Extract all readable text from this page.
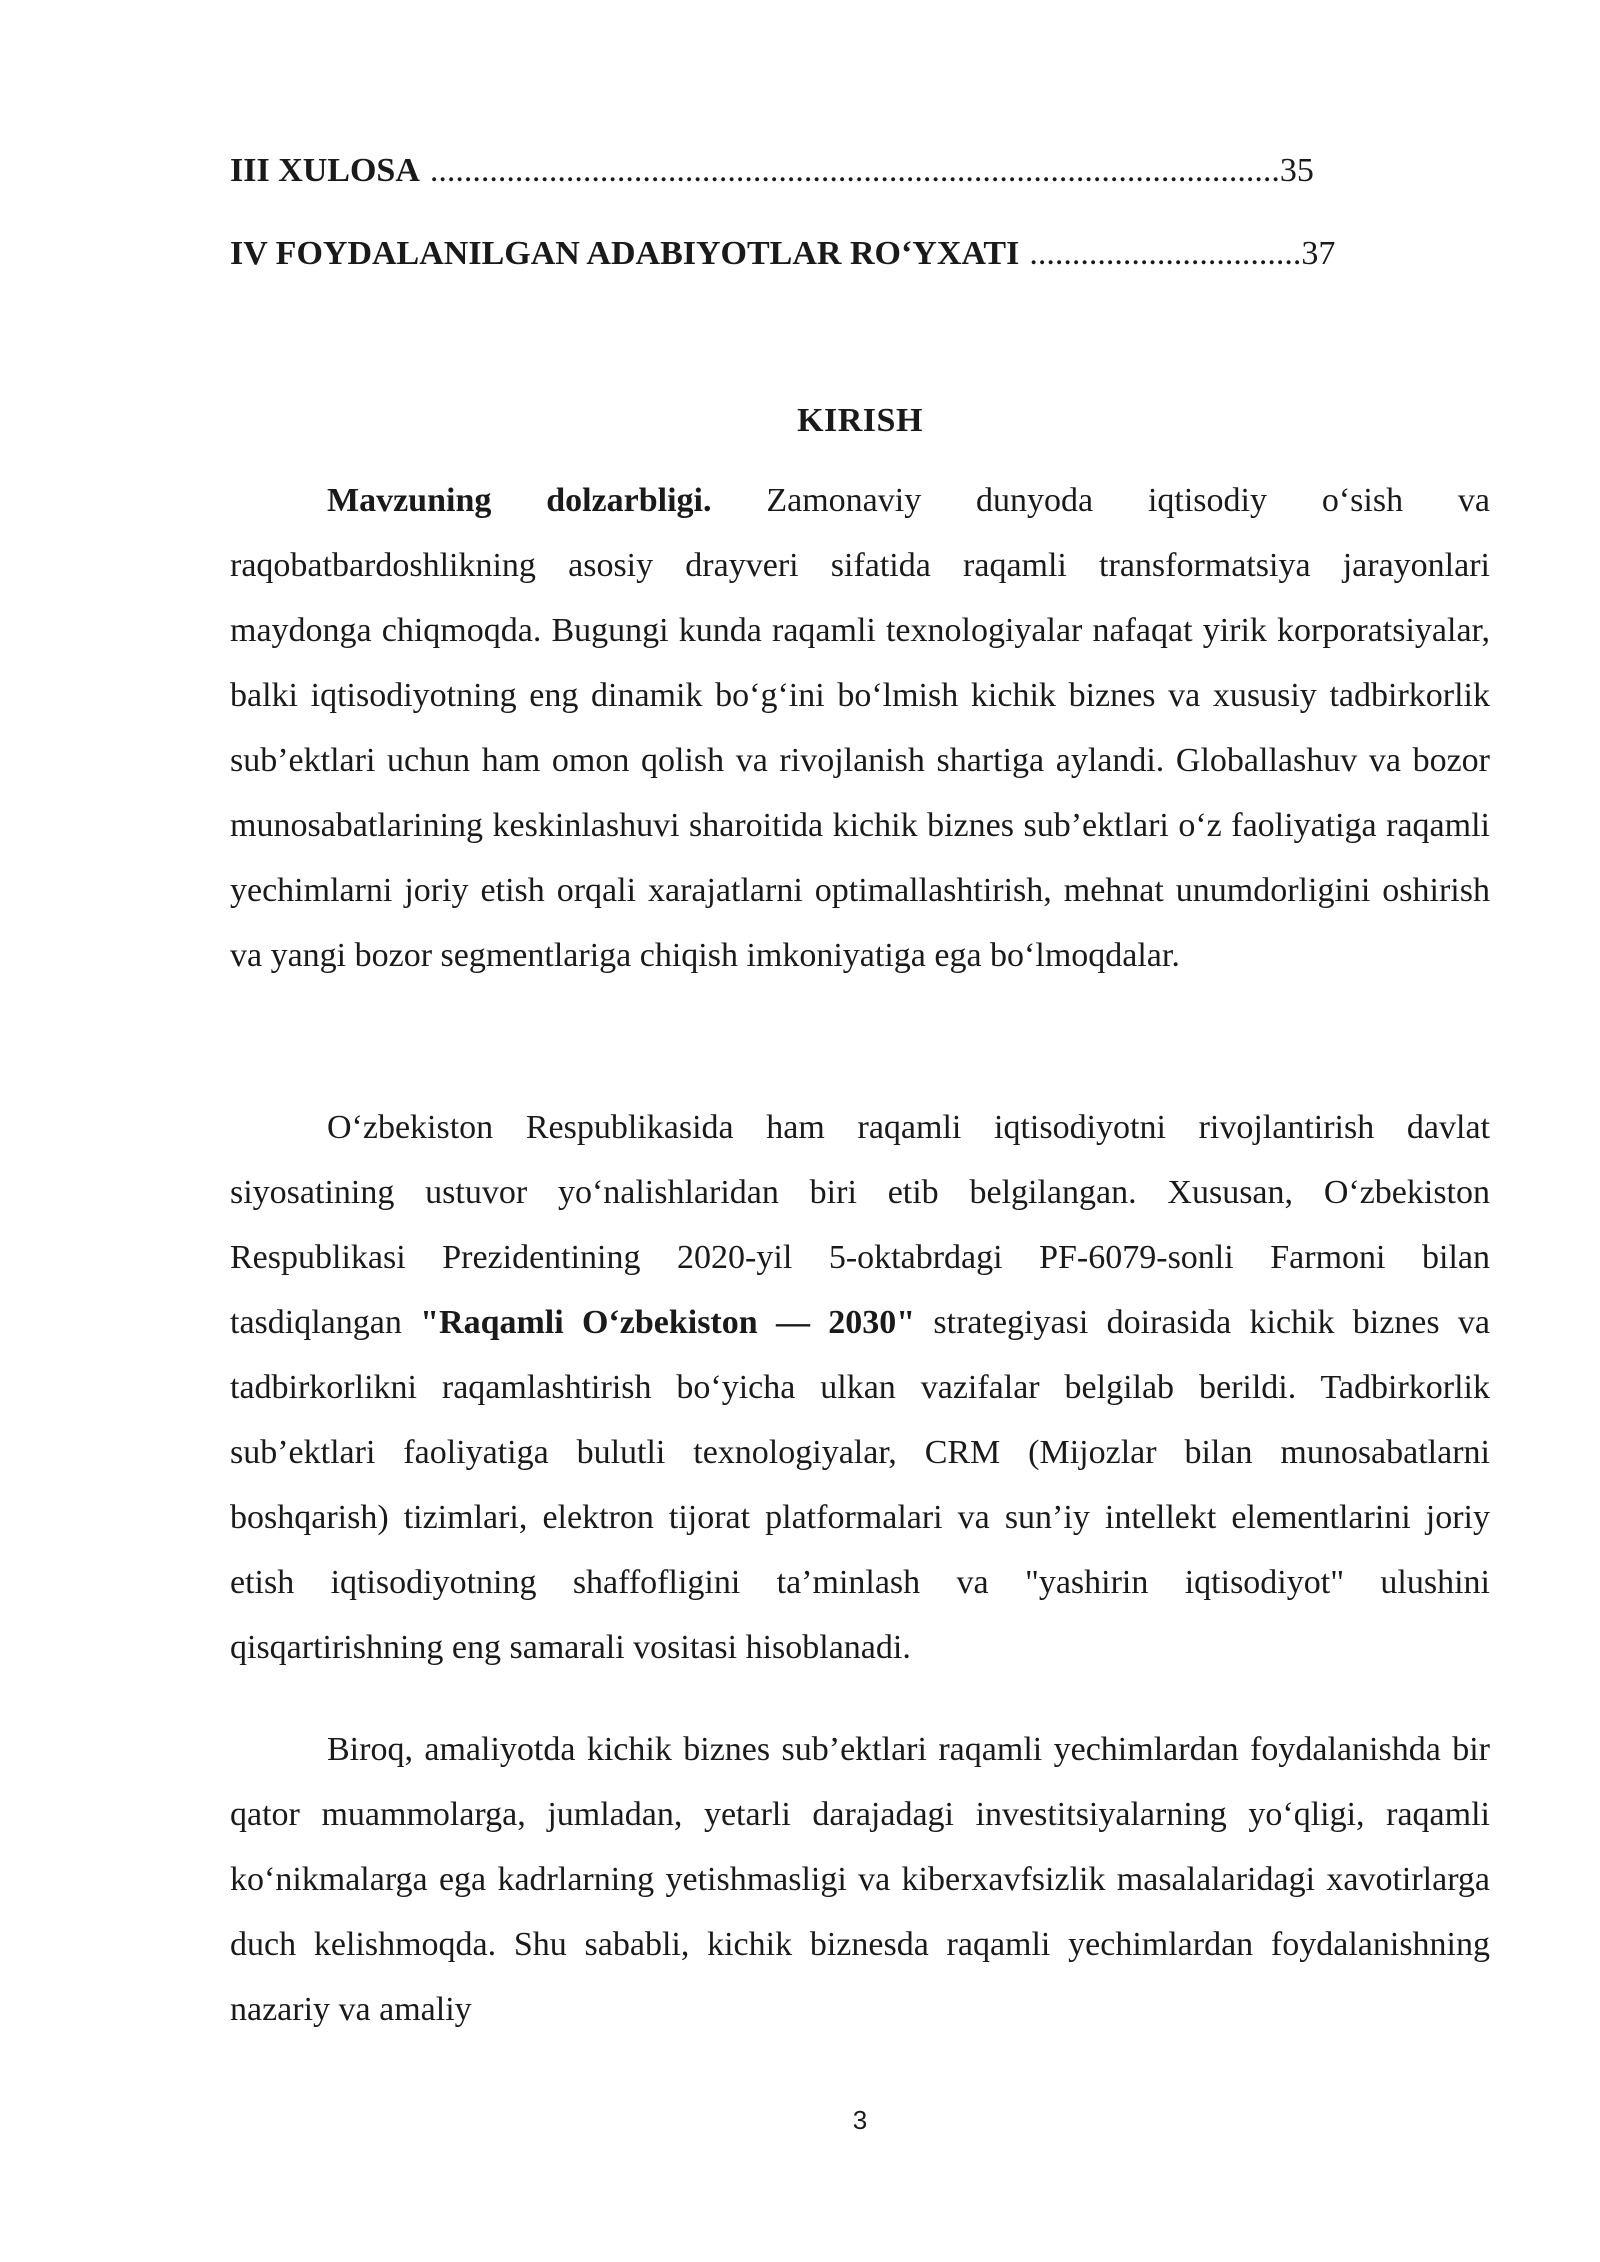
III XULOSA .................................................................................................... 35
IV FOYDALANILGAN ADABIYOTLAR RO‘YXATI ................................ 37
KIRISH

Mavzuning dolzarbligi. Zamonaviy dunyoda iqtisodiy o‘sish va raqobatbardoshlikning asosiy drayveri sifatida raqamli transformatsiya jarayonlari maydonga chiqmoqda. Bugungi kunda raqamli texnologiyalar nafaqat yirik korporatsiyalar, balki iqtisodiyotning eng dinamik bo‘g‘ini bo‘lmish kichik biznes va xususiy tadbirkorlik sub’ektlari uchun ham omon qolish va rivojlanish shartiga aylandi. Globallashuv va bozor munosabatlarining keskinlashuvi sharoitida kichik biznes sub’ektlari o‘z faoliyatiga raqamli yechimlarni joriy etish orqali xarajatlarni optimallashtirish, mehnat unumdorligini oshirish va yangi bozor segmentlariga chiqish imkoniyatiga ega bo‘lmoqdalar.

O‘zbekiston Respublikasida ham raqamli iqtisodiyotni rivojlantirish davlat siyosatining ustuvor yo‘nalishlaridan biri etib belgilangan. Xususan, O‘zbekiston Respublikasi Prezidentining 2020-yil 5-oktabrdagi PF-6079-sonli Farmoni bilan tasdiqlangan "Raqamli O‘zbekiston — 2030" strategiyasi doirasida kichik biznes va tadbirkorlikni raqamlashtirish bo‘yicha ulkan vazifalar belgilab berildi. Tadbirkorlik sub’ektlari faoliyatiga bulutli texnologiyalar, CRM (Mijozlar bilan munosabatlarni boshqarish) tizimlari, elektron tijorat platformalari va sun’iy intellekt elementlarini joriy etish iqtisodiyotning shaffofligini ta’minlash va "yashirin iqtisodiyot" ulushini qisqartirishning eng samarali vositasi hisoblanadi.

Biroq, amaliyotda kichik biznes sub’ektlari raqamli yechimlardan foydalanishda bir qator muammolarga, jumladan, yetarli darajadagi investitsiyalarning yo‘qligi, raqamli ko‘nikmalarga ega kadrlarning yetishmasligi va kiberxavfsizlik masalalaridagi xavotirlarga duch kelishmoqda. Shu sababli, kichik biznesda raqamli yechimlardan foydalanishning nazariy va amaliy

3
